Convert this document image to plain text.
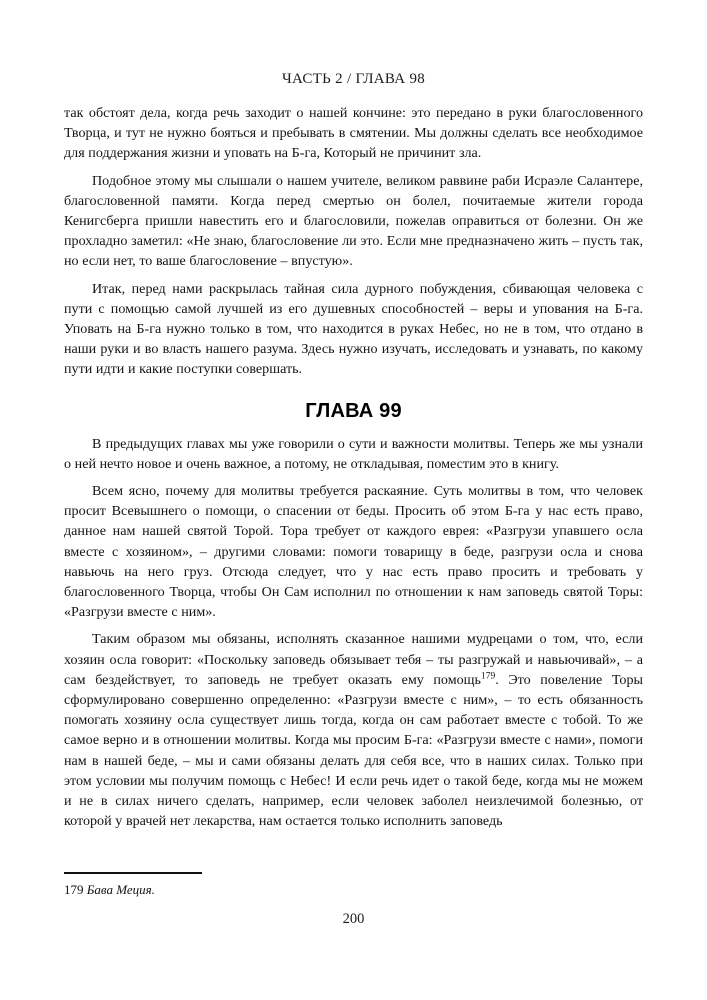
ЧАСТЬ 2 / ГЛАВА 98

так обстоят дела, когда речь заходит о нашей кончине: это передано в руки благословенного Творца, и тут не нужно бояться и пребывать в смятении. Мы должны сделать все необходимое для поддержания жизни и уповать на Б-га, Который не причинит зла.

Подобное этому мы слышали о нашем учителе, великом раввине раби Исраэле Салантере, благословенной памяти. Когда перед смертью он болел, почитаемые жители города Кенигсберга пришли навестить его и благословили, пожелав оправиться от болезни. Он же прохладно заметил: «Не знаю, благословение ли это. Если мне предназначено жить – пусть так, но если нет, то ваше благословение – впустую».

Итак, перед нами раскрылась тайная сила дурного побуждения, сбивающая человека с пути с помощью самой лучшей из его душевных способностей – веры и упования на Б-га. Уповать на Б-га нужно только в том, что находится в руках Небес, но не в том, что отдано в наши руки и во власть нашего разума. Здесь нужно изучать, исследовать и узнавать, по какому пути идти и какие поступки совершать.

ГЛАВА 99

В предыдущих главах мы уже говорили о сути и важности молитвы. Теперь же мы узнали о ней нечто новое и очень важное, а потому, не откладывая, поместим это в книгу.

Всем ясно, почему для молитвы требуется раскаяние. Суть молитвы в том, что человек просит Всевышнего о помощи, о спасении от беды. Просить об этом Б-га у нас есть право, данное нам нашей святой Торой. Тора требует от каждого еврея: «Разгрузи упавшего осла вместе с хозяином», – другими словами: помоги товарищу в беде, разгрузи осла и снова навьючь на него груз. Отсюда следует, что у нас есть право просить и требовать у благословенного Творца, чтобы Он Сам исполнил по отношении к нам заповедь святой Торы: «Разгрузи вместе с ним».

Таким образом мы обязаны, исполнять сказанное нашими мудрецами о том, что, если хозяин осла говорит: «Поскольку заповедь обязывает тебя – ты разгружай и навьючивай», – а сам бездействует, то заповедь не требует оказать ему помощь$^{179}$. Это повеление Торы сформулировано совершенно определенно: «Разгрузи вместе с ним», – то есть обязанность помогать хозяину осла существует лишь тогда, когда он сам работает вместе с тобой. То же самое верно и в отношении молитвы. Когда мы просим Б-га: «Разгрузи вместе с нами», помоги нам в нашей беде, – мы и сами обязаны делать для себя все, что в наших силах. Только при этом условии мы получим помощь с Небес! И если речь идет о такой беде, когда мы не можем и не в силах ничего сделать, например, если человек заболел неизлечимой болезнью, от которой у врачей нет лекарства, нам остается только исполнить заповедь

179 Бава Меция.
200
